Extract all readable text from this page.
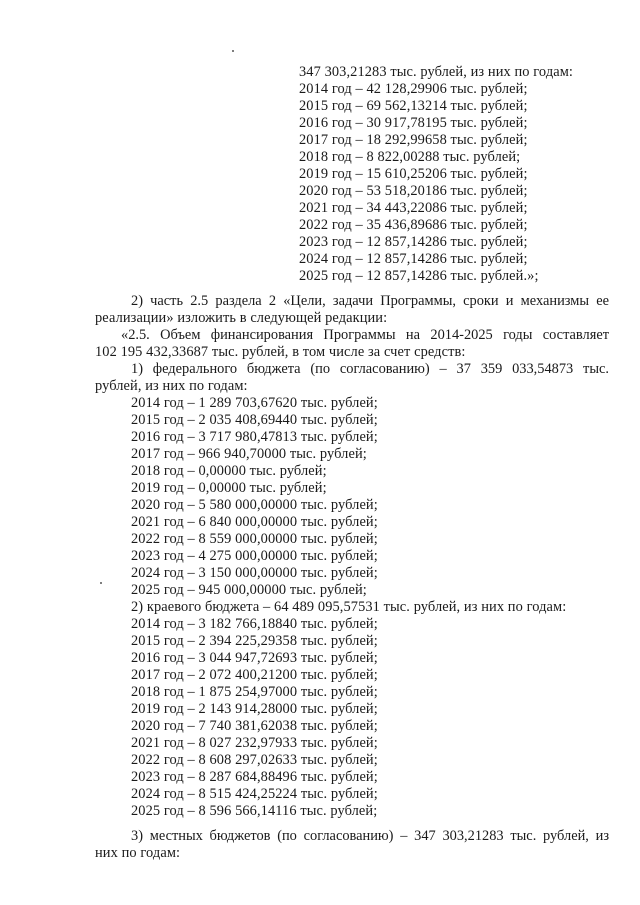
347 303,21283 тыс. рублей, из них по годам:
2014 год – 42 128,29906 тыс. рублей;
2015 год – 69 562,13214 тыс. рублей;
2016 год – 30 917,78195 тыс. рублей;
2017 год – 18 292,99658 тыс. рублей;
2018 год – 8 822,00288 тыс. рублей;
2019 год – 15 610,25206 тыс. рублей;
2020 год – 53 518,20186 тыс. рублей;
2021 год – 34 443,22086 тыс. рублей;
2022 год – 35 436,89686 тыс. рублей;
2023 год – 12 857,14286 тыс. рублей;
2024 год – 12 857,14286 тыс. рублей;
2025 год – 12 857,14286 тыс. рублей.»;
2) часть 2.5 раздела 2 «Цели, задачи Программы, сроки и механизмы ее
реализации» изложить в следующей редакции:
«2.5. Объем финансирования Программы на 2014-2025 годы составляет
102 195 432,33687 тыс. рублей, в том числе за счет средств:
1) федерального бюджета (по согласованию) – 37 359 033,54873 тыс.
рублей, из них по годам:
2014 год – 1 289 703,67620 тыс. рублей;
2015 год – 2 035 408,69440 тыс. рублей;
2016 год – 3 717 980,47813 тыс. рублей;
2017 год – 966 940,70000 тыс. рублей;
2018 год – 0,00000 тыс. рублей;
2019 год – 0,00000 тыс. рублей;
2020 год – 5 580 000,00000 тыс. рублей;
2021 год – 6 840 000,00000 тыс. рублей;
2022 год – 8 559 000,00000 тыс. рублей;
2023 год – 4 275 000,00000 тыс. рублей;
2024 год – 3 150 000,00000 тыс. рублей;
2025 год – 945 000,00000 тыс. рублей;
2) краевого бюджета – 64 489 095,57531 тыс. рублей, из них по годам:
2014 год – 3 182 766,18840 тыс. рублей;
2015 год – 2 394 225,29358 тыс. рублей;
2016 год – 3 044 947,72693 тыс. рублей;
2017 год – 2 072 400,21200 тыс. рублей;
2018 год – 1 875 254,97000 тыс. рублей;
2019 год – 2 143 914,28000 тыс. рублей;
2020 год – 7 740 381,62038 тыс. рублей;
2021 год – 8 027 232,97933 тыс. рублей;
2022 год – 8 608 297,02633 тыс. рублей;
2023 год – 8 287 684,88496 тыс. рублей;
2024 год – 8 515 424,25224 тыс. рублей;
2025 год – 8 596 566,14116 тыс. рублей;
3) местных бюджетов (по согласованию) – 347 303,21283 тыс. рублей, из
них по годам:
